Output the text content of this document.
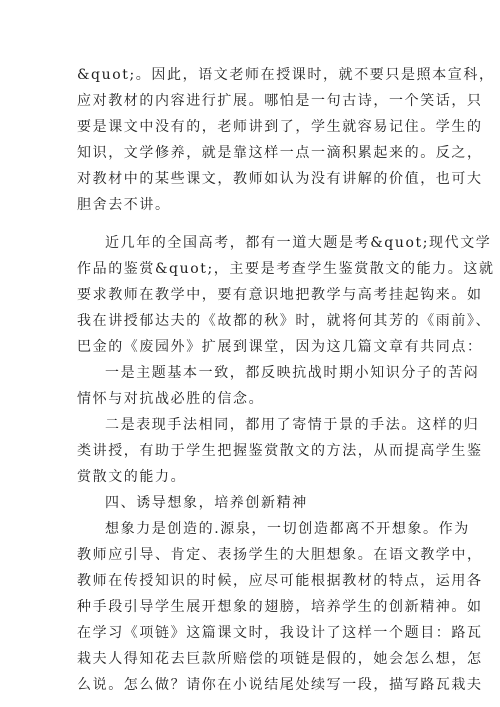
&quot;。因此，语文老师在授课时，就不要只是照本宣科，
应对教材的内容进行扩展。哪怕是一句古诗，一个笑话，只
要是课文中没有的，老师讲到了，学生就容易记住。学生的
知识，文学修养，就是靠这样一点一滴积累起来的。反之，
对教材中的某些课文，教师如认为没有讲解的价值，也可大
胆舍去不讲。
近几年的全国高考，都有一道大题是考&quot;现代文学
作品的鉴赏&quot;，主要是考查学生鉴赏散文的能力。这就
要求教师在教学中，要有意识地把教学与高考挂起钩来。如
我在讲授郁达夫的《故都的秋》时，就将何其芳的《雨前》、
巴金的《废园外》扩展到课堂，因为这几篇文章有共同点：
一是主题基本一致，都反映抗战时期小知识分子的苦闷
情怀与对抗战必胜的信念。
二是表现手法相同，都用了寄情于景的手法。这样的归
类讲授，有助于学生把握鉴赏散文的方法，从而提高学生鉴
赏散文的能力。
四、诱导想象，培养创新精神
想象力是创造的.源泉，一切创造都离不开想象。作为
教师应引导、肯定、表扬学生的大胆想象。在语文教学中，
教师在传授知识的时候，应尽可能根据教材的特点，运用各
种手段引导学生展开想象的翅膀，培养学生的创新精神。如
在学习《项链》这篇课文时，我设计了这样一个题目：路瓦
栽夫人得知花去巨款所赔偿的项链是假的，她会怎么想，怎
么说。怎么做？请你在小说结尾处续写一段，描写路瓦栽夫
